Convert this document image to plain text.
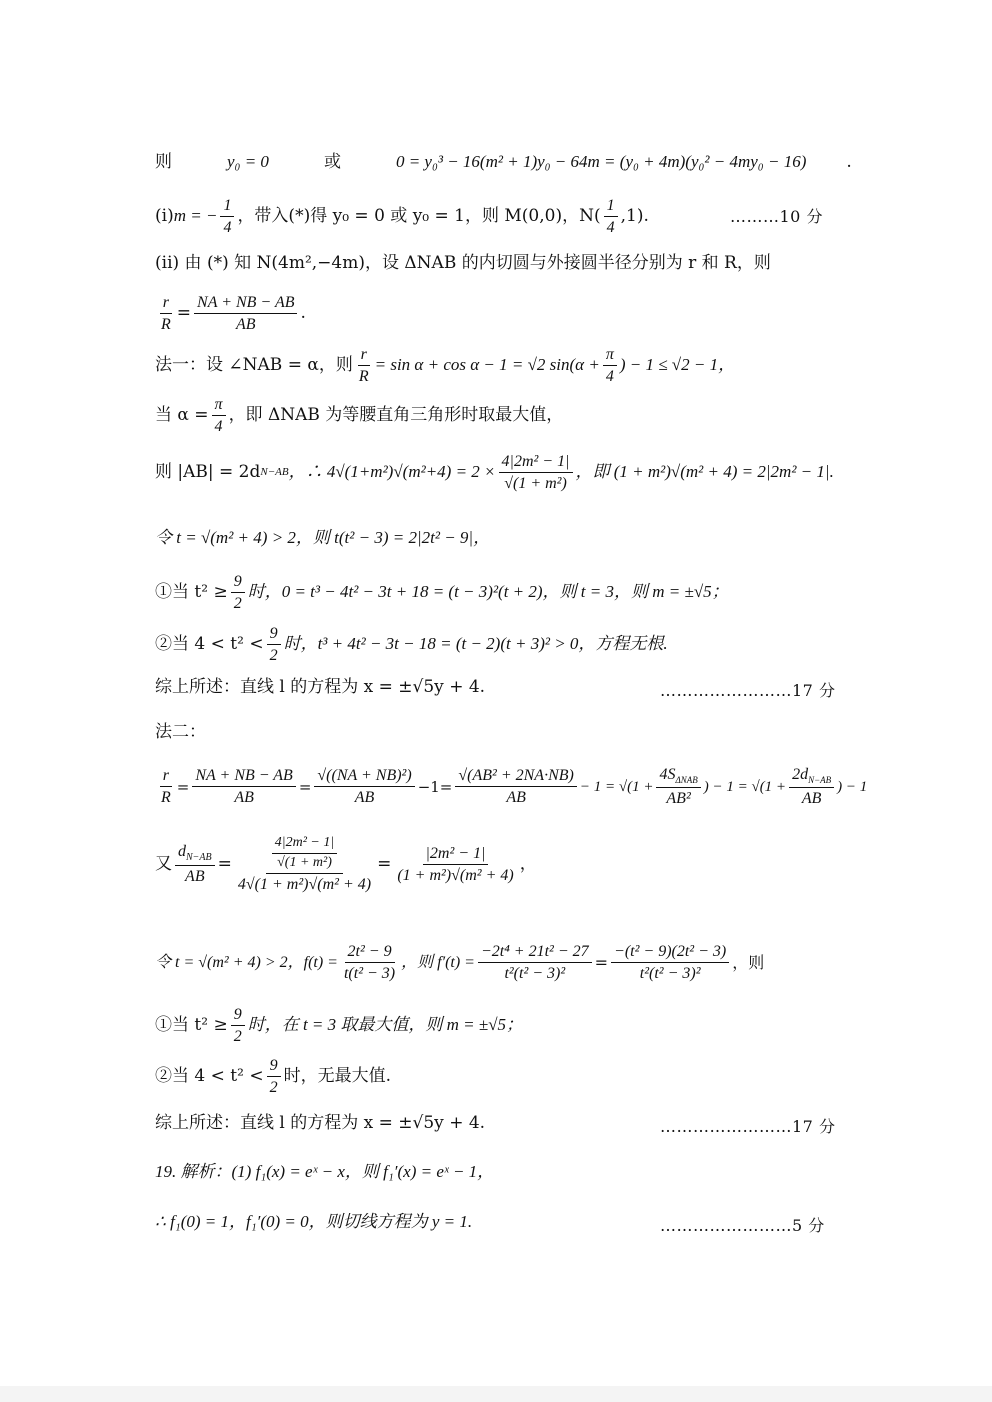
则	y₀ = 0	或	0 = y₀³ − 16(m² + 1)y₀ − 64m = (y₀ + 4m)(y₀² − 4my₀ − 16) .
(i) m = − $\frac{1}{4}$ ，带入(*)得 y₀ = 0 或 y₀ = 1，则 M(0,0)，$N( \frac{1}{4} ,1)$.	………10 分
(ii) 由 (*) 知 N(4m²,−4m)，设 ΔNAB 的内切圆与外接圆半径分别为 r 和 R，则
$\frac{r}{R} = \frac{NA + NB - AB}{AB}$ .
法一：设 ∠NAB = α，则 $\frac{r}{R} = \sin \alpha + \cos \alpha - 1 = √2$ $\sin(\alpha + \frac{\pi}{4}$ ) − 1 ≤ √2 − 1，
当 $\alpha = \frac{\pi}{4}$ ，即 ΔNAB 为等腰直角三角形时取最大值，
则 |AB| = 2d N−AB ，∴ $4√(1+m^2)√(m^2+4) = 2 \times \frac{\text{4|2m² − 1|}}{\text{√(1 + m²)}}$ ，即 (1 + m²)√(m² + 4) = 2|2m² − 1|.
令 t = √(m² + 4) > 2，则 t(t² − 3) = 2|2t² − 9|，
①当 $t^2 \ge \frac{9}{2}$ 时，0 = t³ − 4t² − 3t + 18 = (t − 3)²(t + 2)，则 t = 3，则 m = ±√5；
②当 $4 < t^2 < \frac{9}{2}$ 时，t³ + 4t² − 3t − 18 = (t − 2)(t + 3)² > 0，方程无根.
综上所述：直线 l 的方程为 x = ±√5y + 4.	……………………17 分
法二：
$\frac{r}{R} = \frac{NA + NB - AB}{AB} = \frac{\text{√((NA + NB)²)}}{AB} -1= \frac{\text{√(AB² + 2NA·NB)}}{AB} - 1 = √(1 + \frac{4S_{\Delta NAB}}{\text{AB²}}$ ) − $1 = √(1 + \frac{2d_{N-AB}}{AB}$ ) − 1
又 $\frac{d_{N-AB}}{AB} = \frac{\frac{\text{4|2m² − 1|}}{\text{√(1 + m²)}}}{\text{4√(1 + m²)√(m² + 4)}} = \frac{\text{|2m² − 1|}}{\text{(1 + m²)√(m² + 4)}}$ ，
令 t = √(m² + 4) > 2，$f(t) = \frac{\text{2t² − 9}}{\text{t(t² − 3)}}$ ，则 $f'(t) = \frac{\text{−2t⁴ + 21t² − 27}}{\text{t²(t² − 3)²}} = \frac{\text{−(t² − 9)(2t² − 3)}}{\text{t²(t² − 3)²}}$ ，则
①当 $t^2 \ge \frac{9}{2}$ 时，在 t = 3 取最大值，则 m = ±√5；
②当 $4 < t^2 < \frac{9}{2}$ 时，无最大值.
综上所述：直线 l 的方程为 x = ±√5y + 4.	……………………17 分
19. 解析：(1) f₁(x) = eˣ − x，则 f₁′(x) = eˣ − 1，
∴ f₁(0) = 1，f₁′(0) = 0，则切线方程为 y = 1.	……………………5 分
